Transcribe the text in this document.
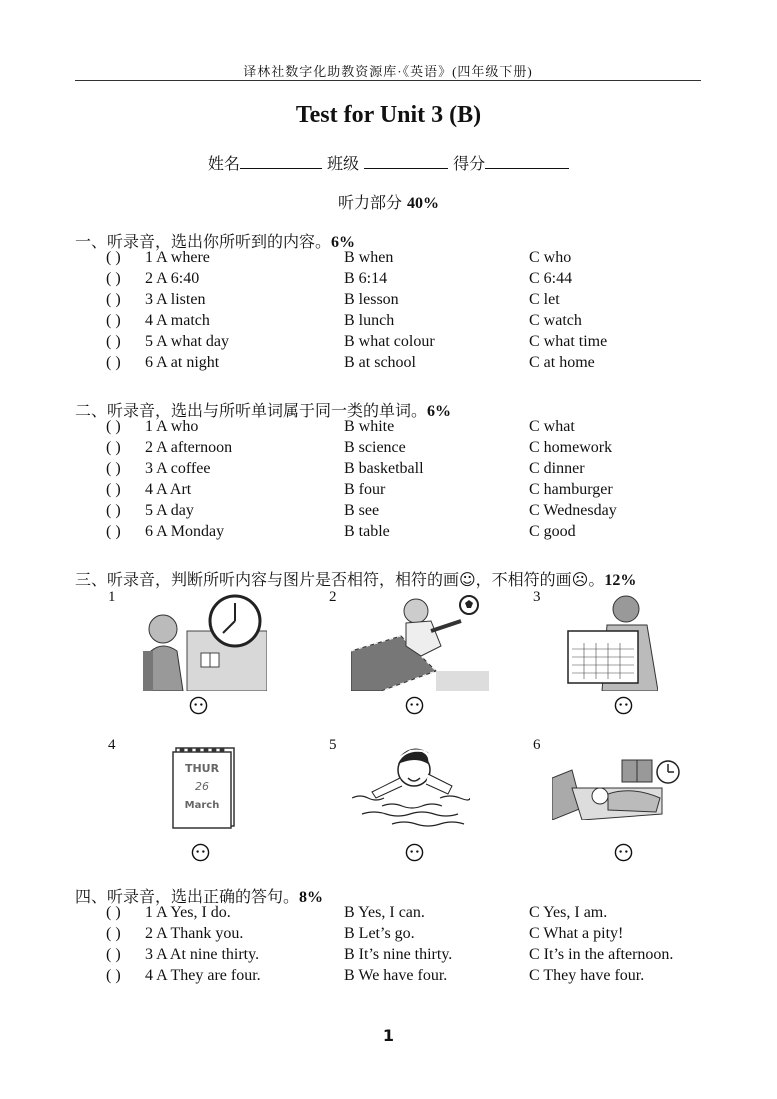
译林社数字化助教资源库·《英语》(四年级下册)
Test for Unit 3 (B)
姓名	班级	得分
听力部分 40%
一、听录音，选出你所听到的内容。6%
( ) 1 A where	B when	C who
( ) 2 A 6:40	B 6:14	C 6:44
( ) 3 A listen	B lesson	C let
( ) 4 A match	B lunch	C watch
( ) 5 A what day	B what colour	C what time
( ) 6 A at night	B at school	C at home
二、听录音，选出与所听单词属于同一类的单词。6%
( ) 1 A who	B white	C what
( ) 2 A afternoon	B science	C homework
( ) 3 A coffee	B basketball	C dinner
( ) 4 A Art	B four	C hamburger
( ) 5 A day	B see	C Wednesday
( ) 6 A Monday	B table	C good
三、听录音，判断所听内容与图片是否相符，相符的画☺，不相符的画☹。12%
1	2	3
4
THUR
26
March
5	6
四、听录音，选出正确的答句。8%
( ) 1 A Yes, I do.	B Yes, I can.	C Yes, I am.
( ) 2 A Thank you.	B Let’s go.	C What a pity!
( ) 3 A At nine thirty.	B It’s nine thirty.	C It’s in the afternoon.
( ) 4 A They are four.	B We have four.	C They have four.
1
